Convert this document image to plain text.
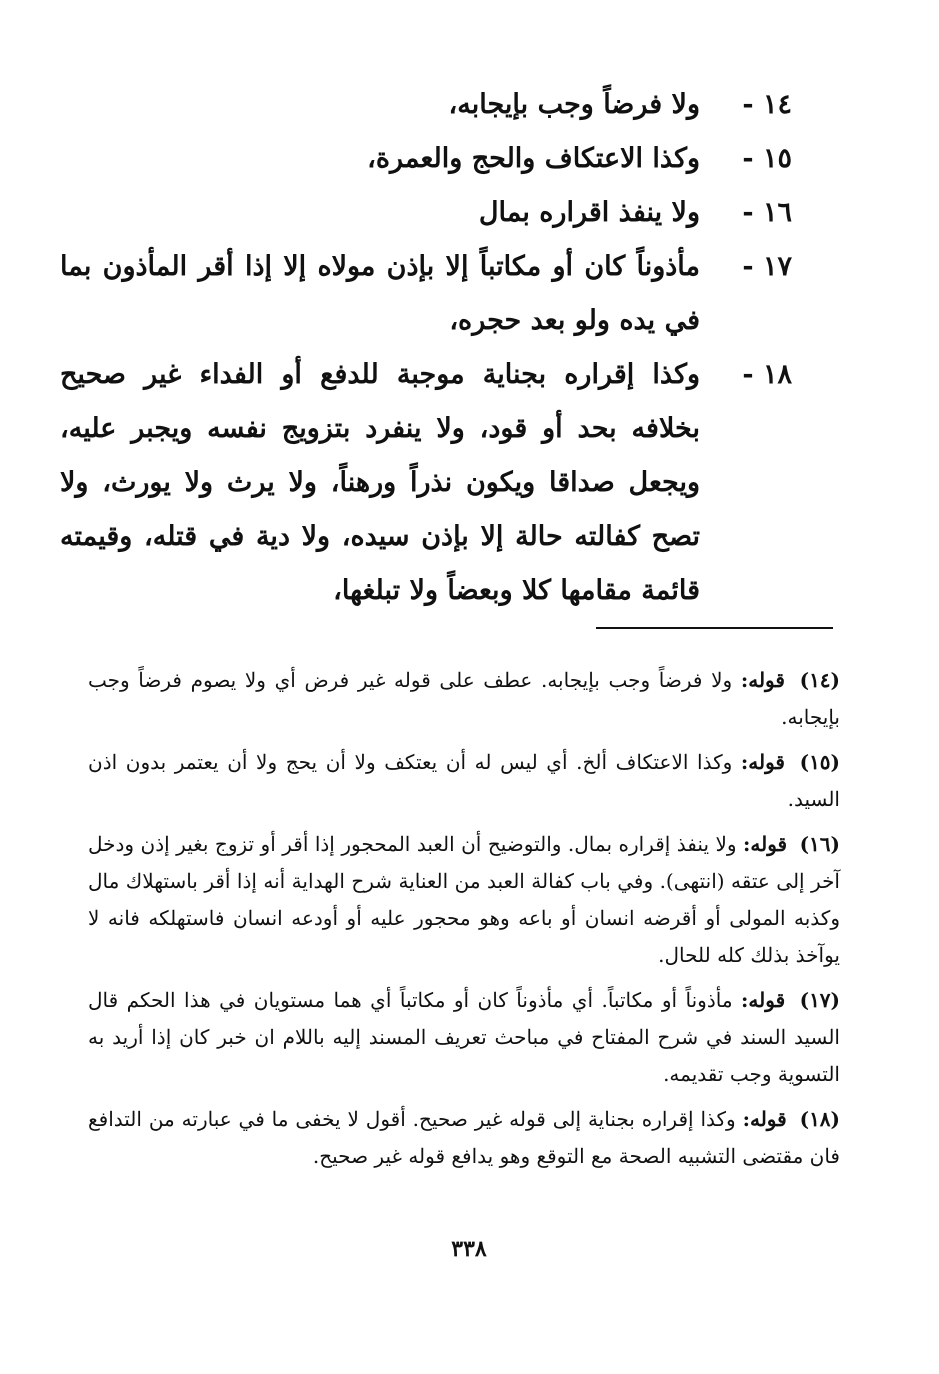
١٤ -
ولا فرضاً وجب بإيجابه،
١٥ -
وكذا الاعتكاف والحج والعمرة،
١٦ -
ولا ينفذ اقراره بمال
١٧ -
مأذوناً كان أو مكاتباً إلا بإذن مولاه إلا إذا أقر المأذون بما في يده ولو بعد حجره،
١٨ -
وكذا إقراره بجناية موجبة للدفع أو الفداء غير صحيح بخلافه بحد أو قود، ولا ينفرد بتزويج نفسه ويجبر عليه، ويجعل صداقا ويكون نذراً ورهناً، ولا يرث ولا يورث، ولا تصح كفالته حالة إلا بإذن سيده، ولا دية في قتله، وقيمته قائمة مقامها كلا وبعضاً ولا تبلغها،
(١٤) قوله: ولا فرضاً وجب بإيجابه. عطف على قوله غير فرض أي ولا يصوم فرضاً وجب بإيجابه.
(١٥) قوله: وكذا الاعتكاف ألخ. أي ليس له أن يعتكف ولا أن يحج ولا أن يعتمر بدون اذن السيد.
(١٦) قوله: ولا ينفذ إقراره بمال. والتوضيح أن العبد المحجور إذا أقر أو تزوج بغير إذن ودخل آخر إلى عتقه (انتهى). وفي باب كفالة العبد من العناية شرح الهداية أنه إذا أقر باستهلاك مال وكذبه المولى أو أقرضه انسان أو باعه وهو محجور عليه أو أودعه انسان فاستهلكه فانه لا يوآخذ بذلك كله للحال.
(١٧) قوله: مأذوناً أو مكاتباً. أي مأذوناً كان أو مكاتباً أي هما مستويان في هذا الحكم قال السيد السند في شرح المفتاح في مباحث تعريف المسند إليه باللام ان خبر كان إذا أريد به التسوية وجب تقديمه.
(١٨) قوله: وكذا إقراره بجناية إلى قوله غير صحيح. أقول لا يخفى ما في عبارته من التدافع فان مقتضى التشبيه الصحة مع التوقع وهو يدافع قوله غير صحيح.
٣٣٨
